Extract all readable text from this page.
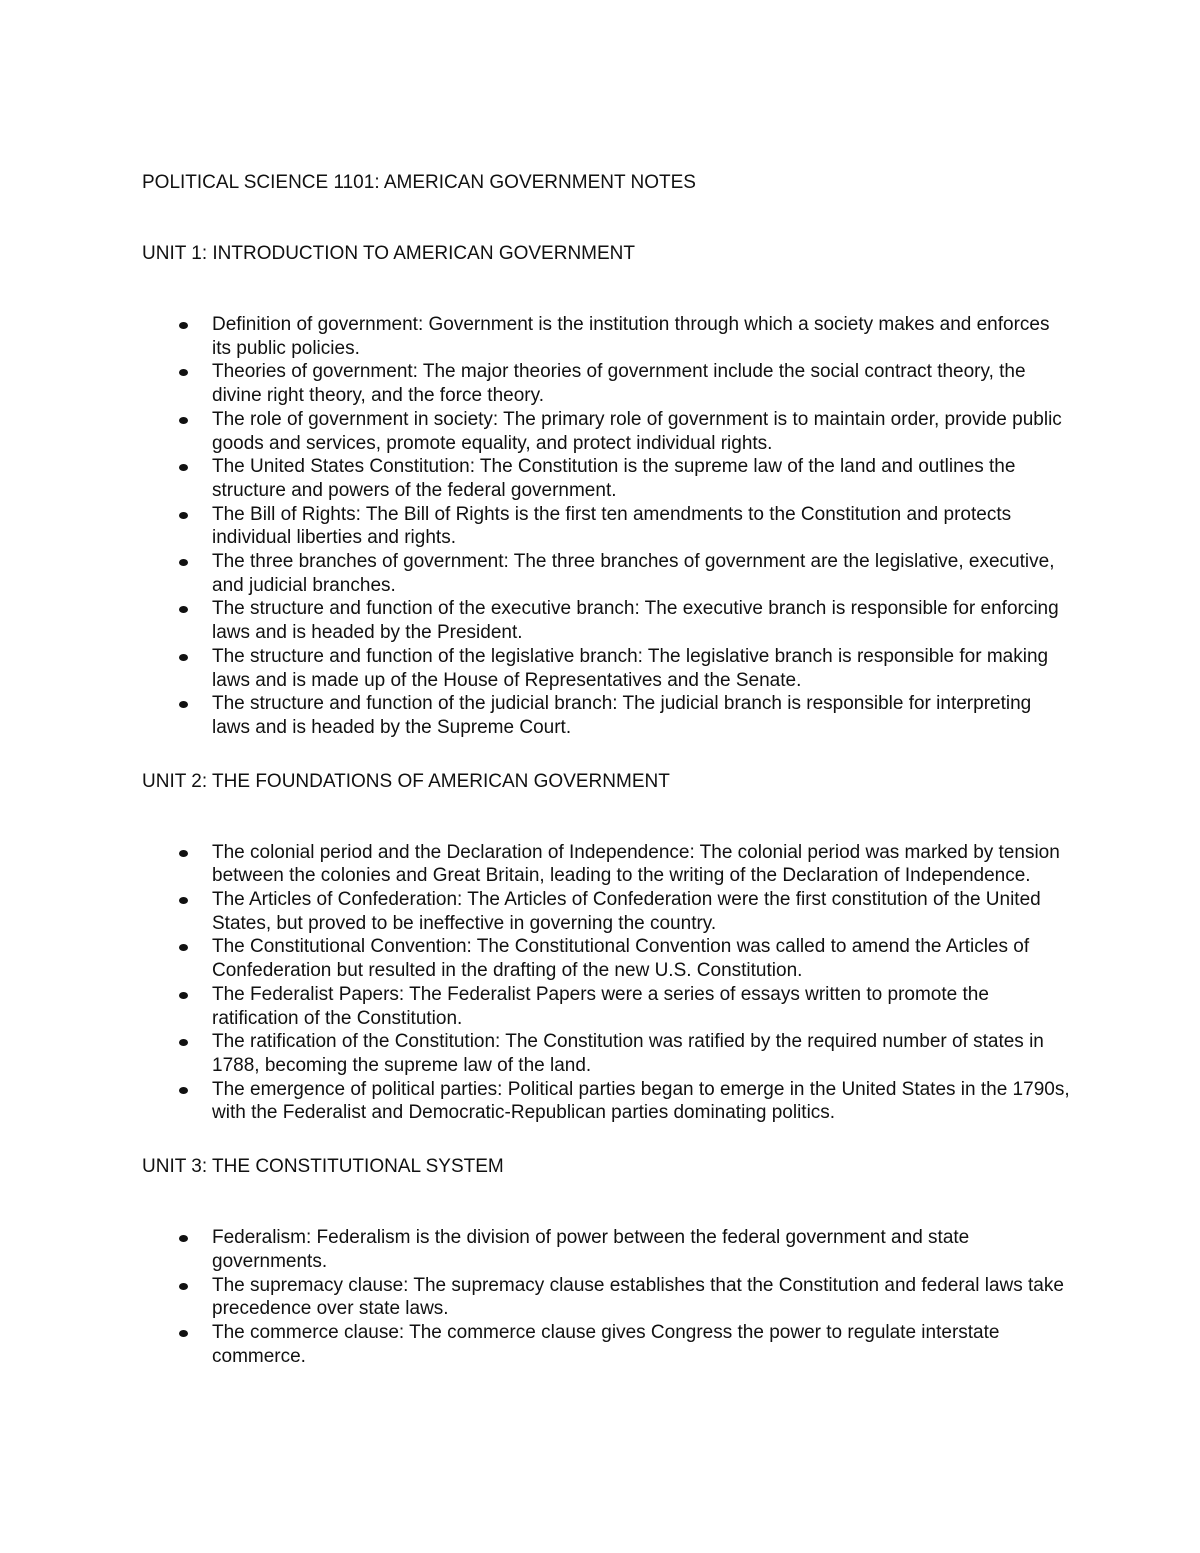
POLITICAL SCIENCE 1101: AMERICAN GOVERNMENT NOTES
UNIT 1: INTRODUCTION TO AMERICAN GOVERNMENT
Definition of government: Government is the institution through which a society makes and enforces its public policies.
Theories of government: The major theories of government include the social contract theory, the divine right theory, and the force theory.
The role of government in society: The primary role of government is to maintain order, provide public goods and services, promote equality, and protect individual rights.
The United States Constitution: The Constitution is the supreme law of the land and outlines the structure and powers of the federal government.
The Bill of Rights: The Bill of Rights is the first ten amendments to the Constitution and protects individual liberties and rights.
The three branches of government: The three branches of government are the legislative, executive, and judicial branches.
The structure and function of the executive branch: The executive branch is responsible for enforcing laws and is headed by the President.
The structure and function of the legislative branch: The legislative branch is responsible for making laws and is made up of the House of Representatives and the Senate.
The structure and function of the judicial branch: The judicial branch is responsible for interpreting laws and is headed by the Supreme Court.
UNIT 2: THE FOUNDATIONS OF AMERICAN GOVERNMENT
The colonial period and the Declaration of Independence: The colonial period was marked by tension between the colonies and Great Britain, leading to the writing of the Declaration of Independence.
The Articles of Confederation: The Articles of Confederation were the first constitution of the United States, but proved to be ineffective in governing the country.
The Constitutional Convention: The Constitutional Convention was called to amend the Articles of Confederation but resulted in the drafting of the new U.S. Constitution.
The Federalist Papers: The Federalist Papers were a series of essays written to promote the ratification of the Constitution.
The ratification of the Constitution: The Constitution was ratified by the required number of states in 1788, becoming the supreme law of the land.
The emergence of political parties: Political parties began to emerge in the United States in the 1790s, with the Federalist and Democratic-Republican parties dominating politics.
UNIT 3: THE CONSTITUTIONAL SYSTEM
Federalism: Federalism is the division of power between the federal government and state governments.
The supremacy clause: The supremacy clause establishes that the Constitution and federal laws take precedence over state laws.
The commerce clause: The commerce clause gives Congress the power to regulate interstate commerce.
